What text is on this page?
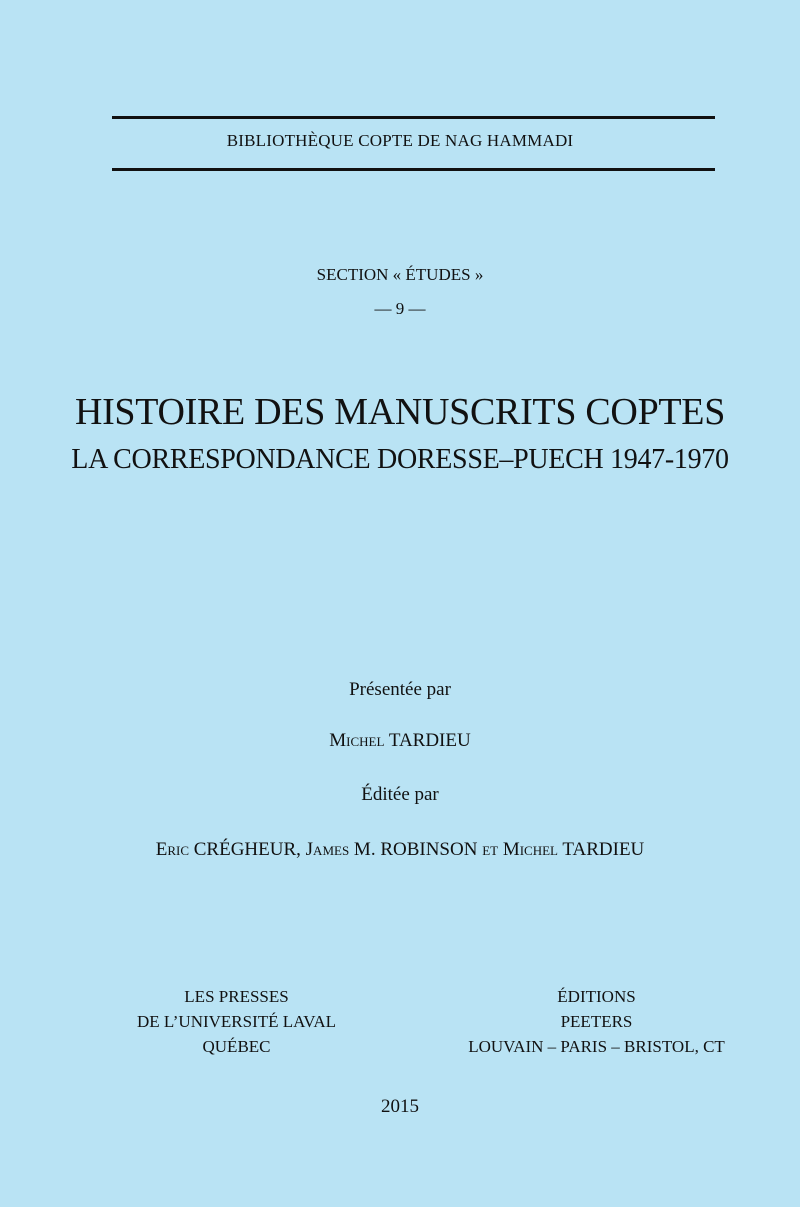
BIBLIOTHÈQUE COPTE DE NAG HAMMADI
SECTION « ÉTUDES »
— 9 —
HISTOIRE DES MANUSCRITS COPTES
LA CORRESPONDANCE DORESSE–PUECH 1947-1970
Présentée par
Michel TARDIEU
Éditée par
Eric CRÉGHEUR, James M. ROBINSON et Michel TARDIEU
LES PRESSES
DE L’UNIVERSITÉ LAVAL
QUÉBEC
ÉDITIONS
PEETERS
LOUVAIN – PARIS – BRISTOL, CT
2015
